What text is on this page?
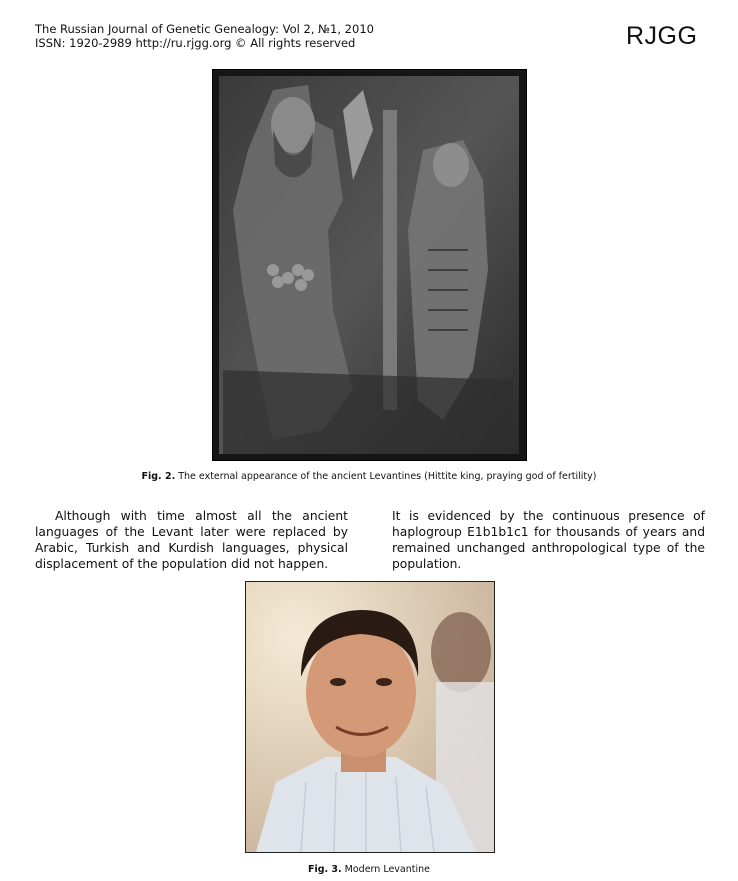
The Russian Journal of Genetic Genealogy: Vol 2, №1, 2010
ISSN: 1920-2989 http://ru.rjgg.org © All rights reserved	RJGG
Fig. 2. The external appearance of the ancient Levantines (Hittite king, praying god of fertility)
Although with time almost all the ancient languages of the Levant later were replaced by Arabic, Turkish and Kurdish languages, physical displacement of the population did not happen.
It is evidenced by the continuous presence of haplogroup E1b1b1c1 for thousands of years and remained unchanged anthropological type of the population.
Fig. 3. Modern Levantine
